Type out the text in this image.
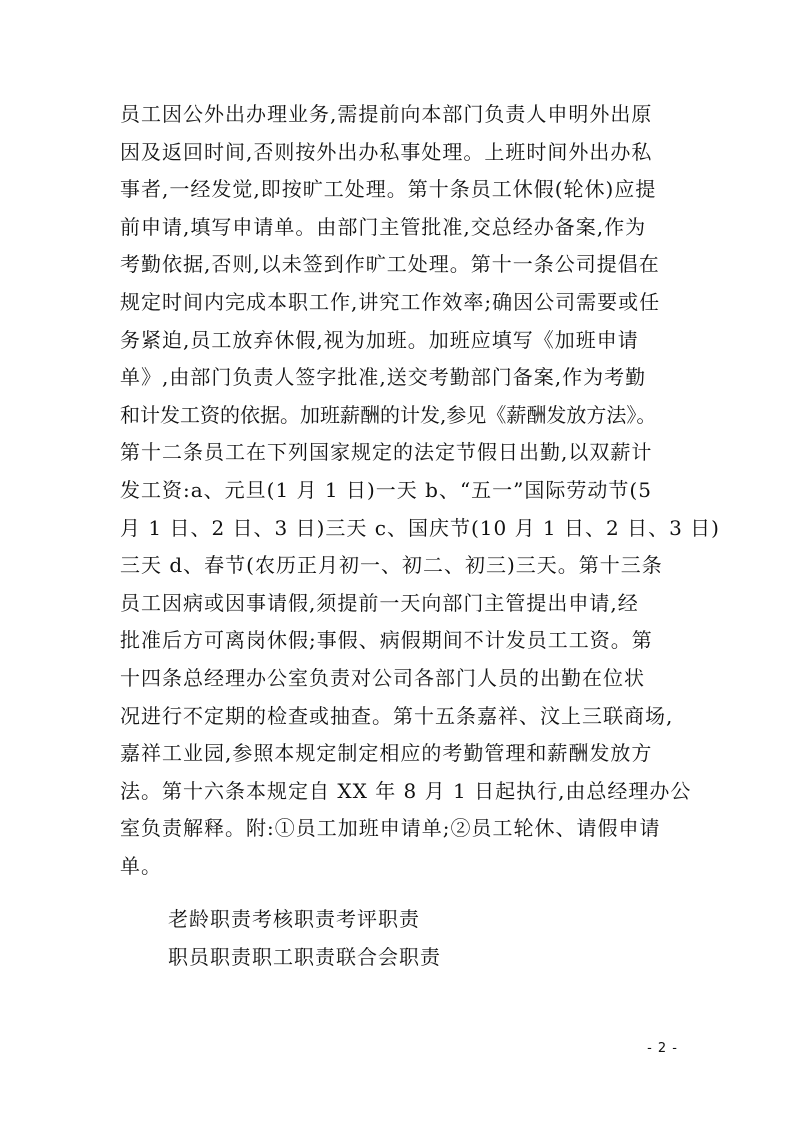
员工因公外出办理业务,需提前向本部门负责人申明外出原
因及返回时间,否则按外出办私事处理。上班时间外出办私
事者,一经发觉,即按旷工处理。第十条员工休假(轮休)应提
前申请,填写申请单。由部门主管批准,交总经办备案,作为
考勤依据,否则,以未签到作旷工处理。第十一条公司提倡在
规定时间内完成本职工作,讲究工作效率;确因公司需要或任
务紧迫,员工放弃休假,视为加班。加班应填写《加班申请
单》,由部门负责人签字批准,送交考勤部门备案,作为考勤
和计发工资的依据。加班薪酬的计发,参见《薪酬发放方法》。
第十二条员工在下列国家规定的法定节假日出勤,以双薪计
发工资:a、元旦(1 月 1 日)一天 b、“五一”国际劳动节(5
月 1 日、2 日、3 日)三天 c、国庆节(10 月 1 日、2 日、3 日)
三天 d、春节(农历正月初一、初二、初三)三天。第十三条
员工因病或因事请假,须提前一天向部门主管提出申请,经
批准后方可离岗休假;事假、病假期间不计发员工工资。第
十四条总经理办公室负责对公司各部门人员的出勤在位状
况进行不定期的检查或抽查。第十五条嘉祥、汶上三联商场,
嘉祥工业园,参照本规定制定相应的考勤管理和薪酬发放方
法。第十六条本规定自 XX 年 8 月 1 日起执行,由总经理办公
室负责解释。附:①员工加班申请单;②员工轮休、请假申请
单。
老龄职责考核职责考评职责
职员职责职工职责联合会职责
- 2 -
